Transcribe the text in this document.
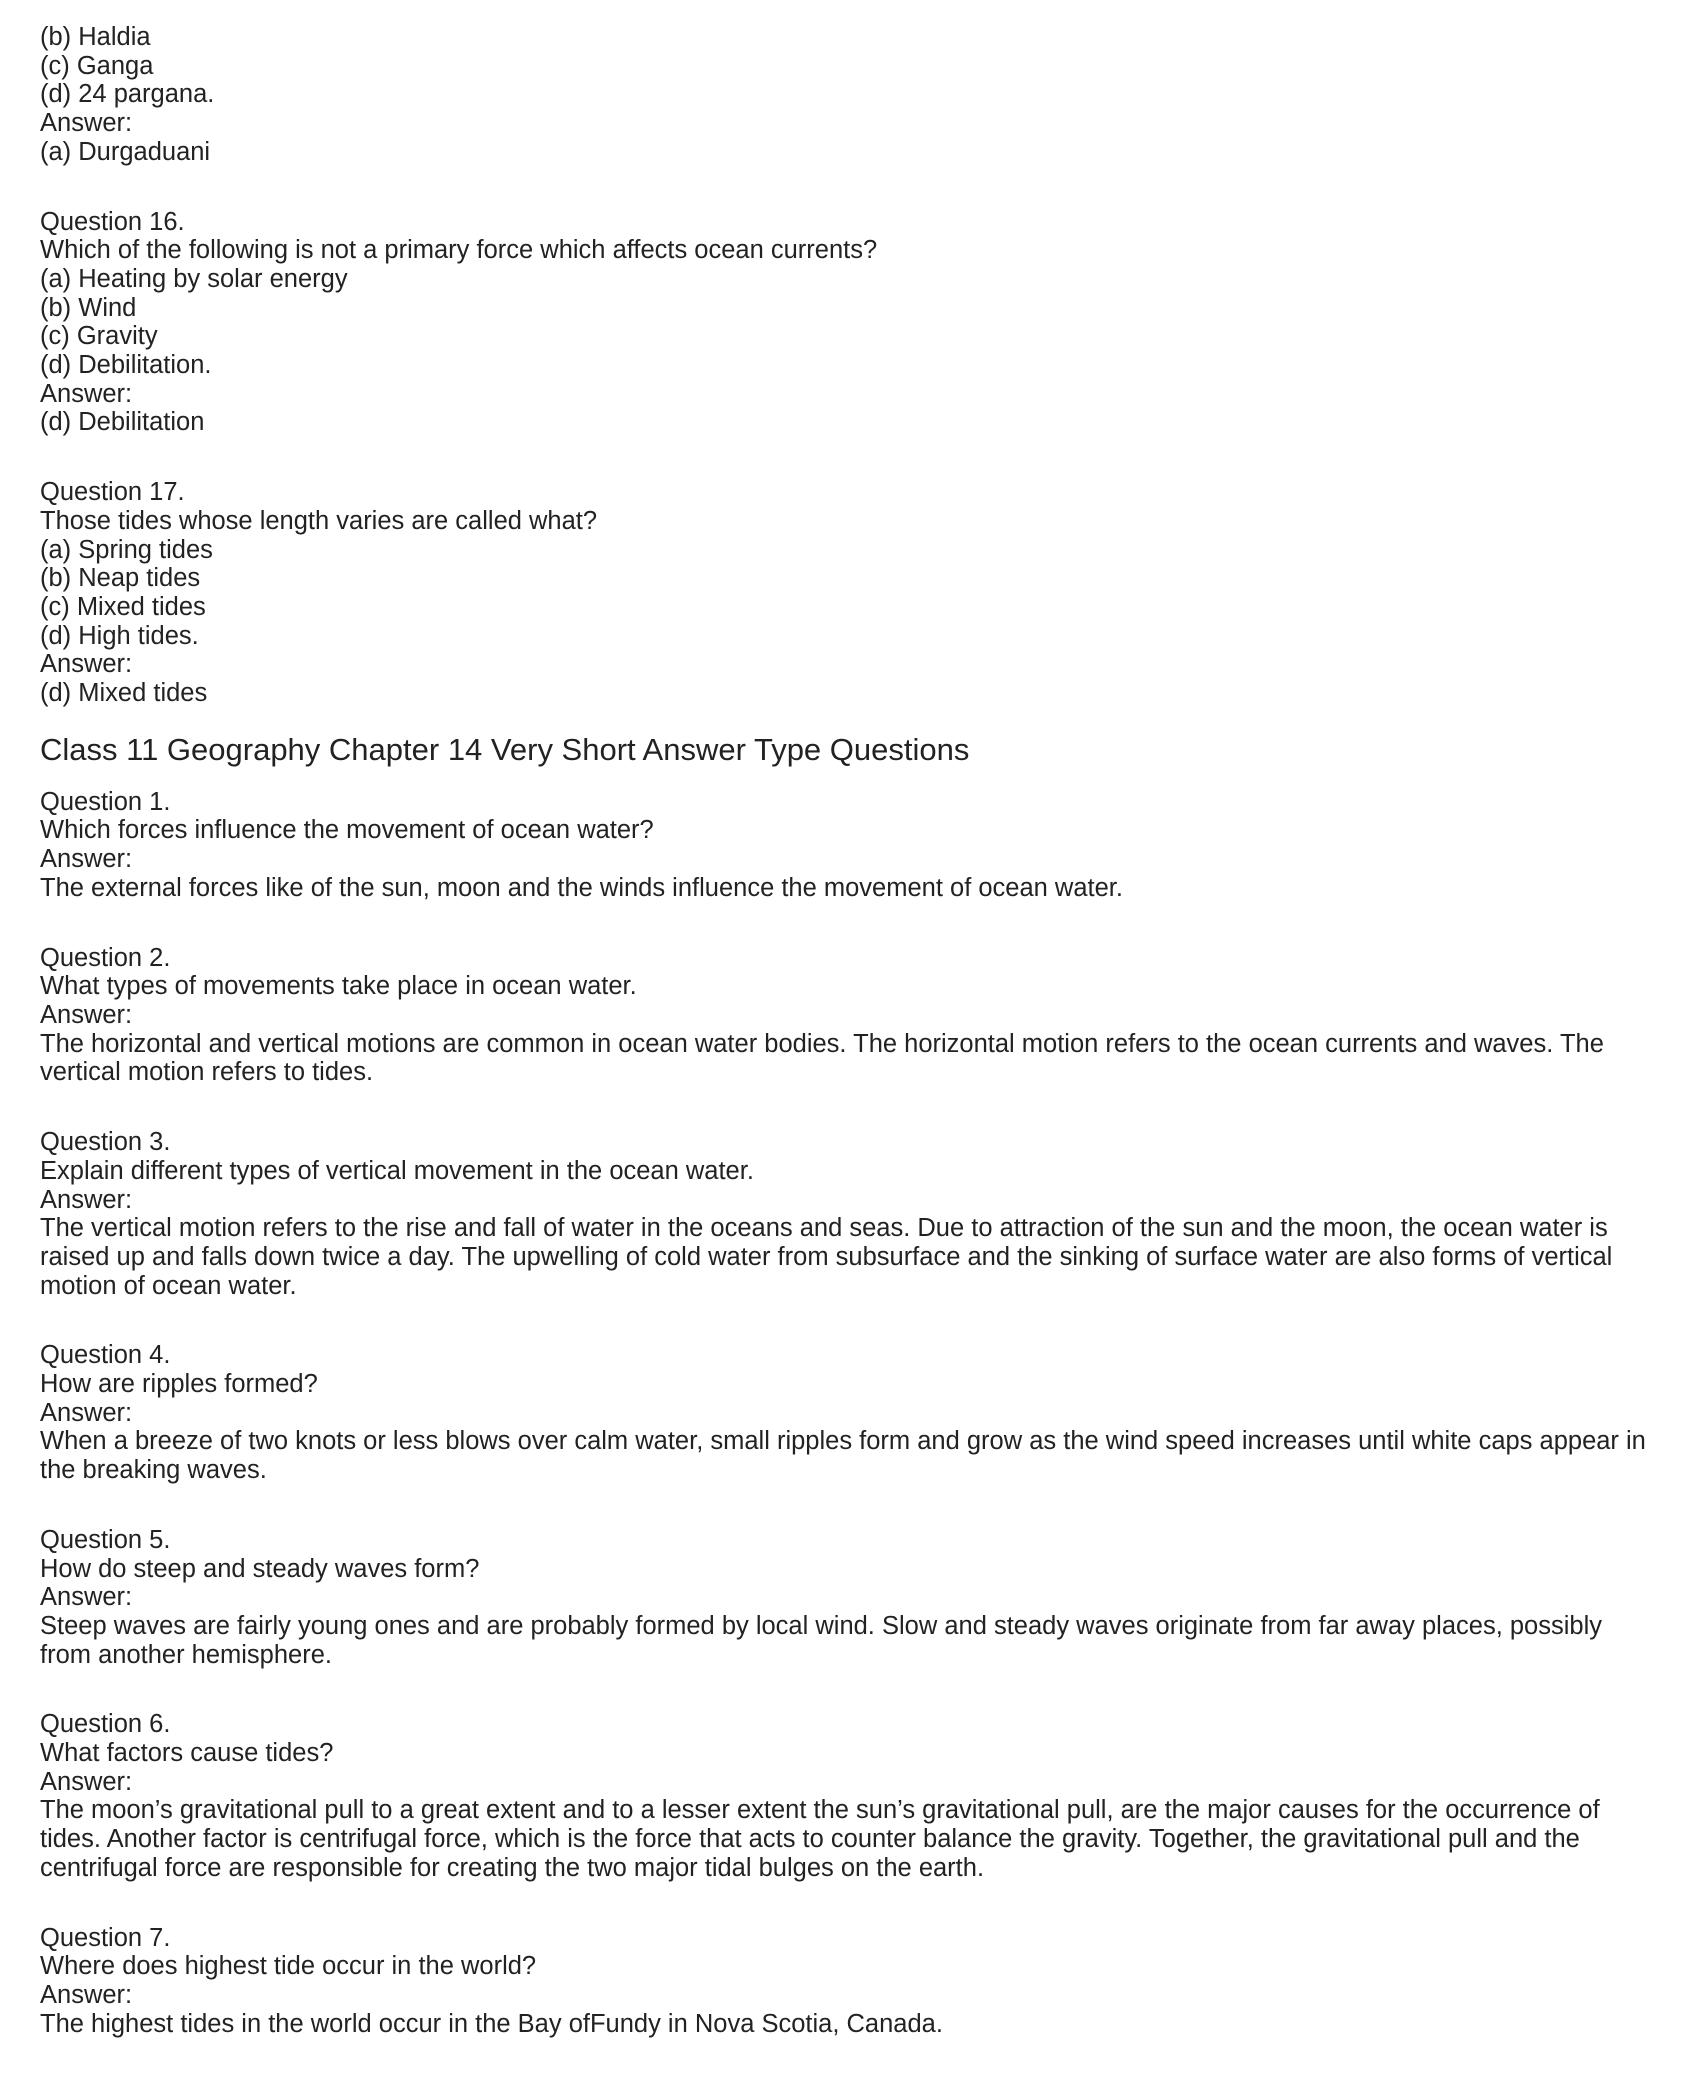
(b) Haldia

(c) Ganga

(d) 24 pargana.

Answer:

(a) Durgaduani

Question 16.

Which of the following is not a primary force which affects ocean currents?

(a) Heating by solar energy

(b) Wind

(c) Gravity

(d) Debilitation.

Answer:

(d) Debilitation

Question 17.

Those tides whose length varies are called what?

(a) Spring tides

(b) Neap tides

(c) Mixed tides

(d) High tides.

Answer:

(d) Mixed tides

Class 11 Geography Chapter 14 Very Short Answer Type Questions

Question 1.

Which forces influence the movement of ocean water?

Answer:

The external forces like of the sun, moon and the winds influence the movement of ocean water.

Question 2.

What types of movements take place in ocean water.

Answer:

The horizontal and vertical motions are common in ocean water bodies. The horizontal motion refers to the ocean currents and waves. The vertical motion refers to tides.

Question 3.

Explain different types of vertical movement in the ocean water.

Answer:

The vertical motion refers to the rise and fall of water in the oceans and seas. Due to attraction of the sun and the moon, the ocean water is raised up and falls down twice a day. The upwelling of cold water from subsurface and the sinking of surface water are also forms of vertical motion of ocean water.

Question 4.

How are ripples formed?

Answer:

When a breeze of two knots or less blows over calm water, small ripples form and grow as the wind speed increases until white caps appear in the breaking waves.

Question 5.

How do steep and steady waves form?

Answer:

Steep waves are fairly young ones and are probably formed by local wind. Slow and steady waves originate from far away places, possibly from another hemisphere.

Question 6.

What factors cause tides?

Answer:

The moon’s gravitational pull to a great extent and to a lesser extent the sun’s gravitational pull, are the major causes for the occurrence of tides. Another factor is centrifugal force, which is the force that acts to counter balance the gravity. Together, the gravitational pull and the centrifugal force are responsible for creating the two major tidal bulges on the earth.

Question 7.

Where does highest tide occur in the world?

Answer:

The highest tides in the world occur in the Bay ofFundy in Nova Scotia, Canada.
